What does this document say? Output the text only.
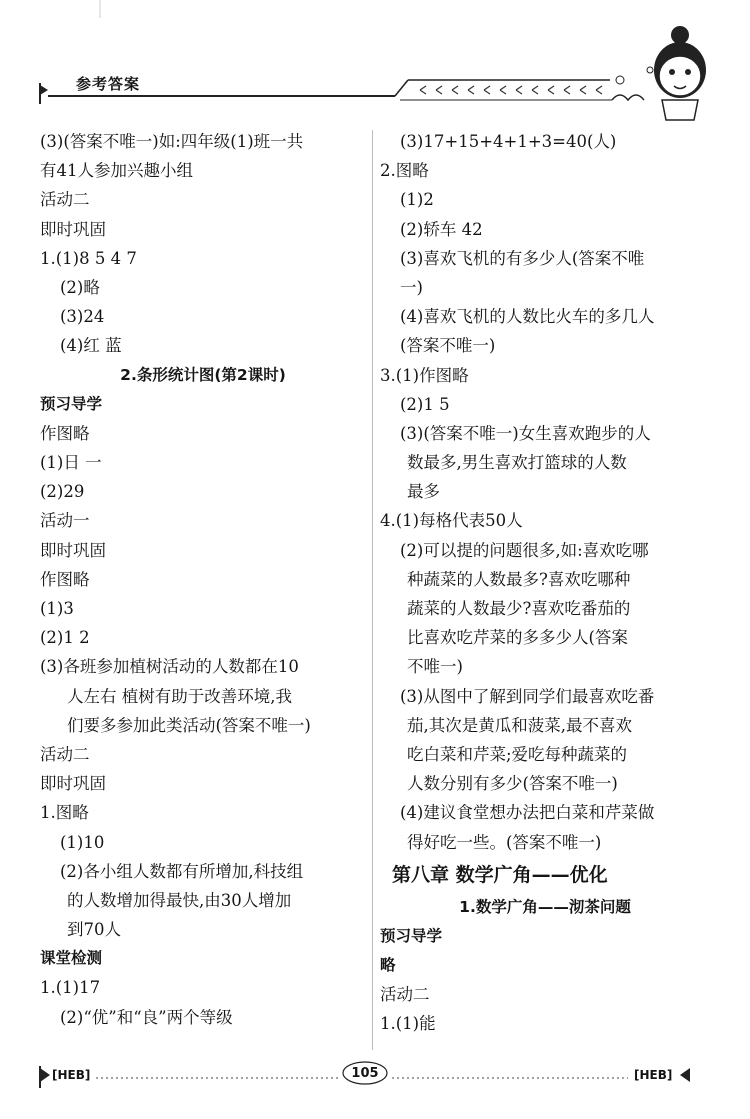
参考答案
(3)(答案不唯一)如:四年级(1)班一共
有41人参加兴趣小组
活动二
即时巩固
1.(1)8 5 4 7
(2)略
(3)24
(4)红 蓝
2.条形统计图(第2课时)
预习导学
作图略
(1)日 一
(2)29
活动一
即时巩固
作图略
(1)3
(2)1 2
(3)各班参加植树活动的人数都在10
人左右 植树有助于改善环境,我
们要多参加此类活动(答案不唯一)
活动二
即时巩固
1.图略
(1)10
(2)各小组人数都有所增加,科技组
的人数增加得最快,由30人增加
到70人
课堂检测
1.(1)17
(2)“优”和“良”两个等级
(3)17+15+4+1+3=40(人)
2.图略
(1)2
(2)轿车 42
(3)喜欢飞机的有多少人(答案不唯
一)
(4)喜欢飞机的人数比火车的多几人
(答案不唯一)
3.(1)作图略
(2)1 5
(3)(答案不唯一)女生喜欢跑步的人
数最多,男生喜欢打篮球的人数
最多
4.(1)每格代表50人
(2)可以提的问题很多,如:喜欢吃哪
种蔬菜的人数最多?喜欢吃哪种
蔬菜的人数最少?喜欢吃番茄的
比喜欢吃芹菜的多多少人(答案
不唯一)
(3)从图中了解到同学们最喜欢吃番
茄,其次是黄瓜和菠菜,最不喜欢
吃白菜和芹菜;爱吃每种蔬菜的
人数分别有多少(答案不唯一)
(4)建议食堂想办法把白菜和芹菜做
得好吃一些。(答案不唯一)
第八章 数学广角——优化
1.数学广角——沏茶问题
预习导学
略
活动二
1.(1)能
[HEB]	105	[HEB]
